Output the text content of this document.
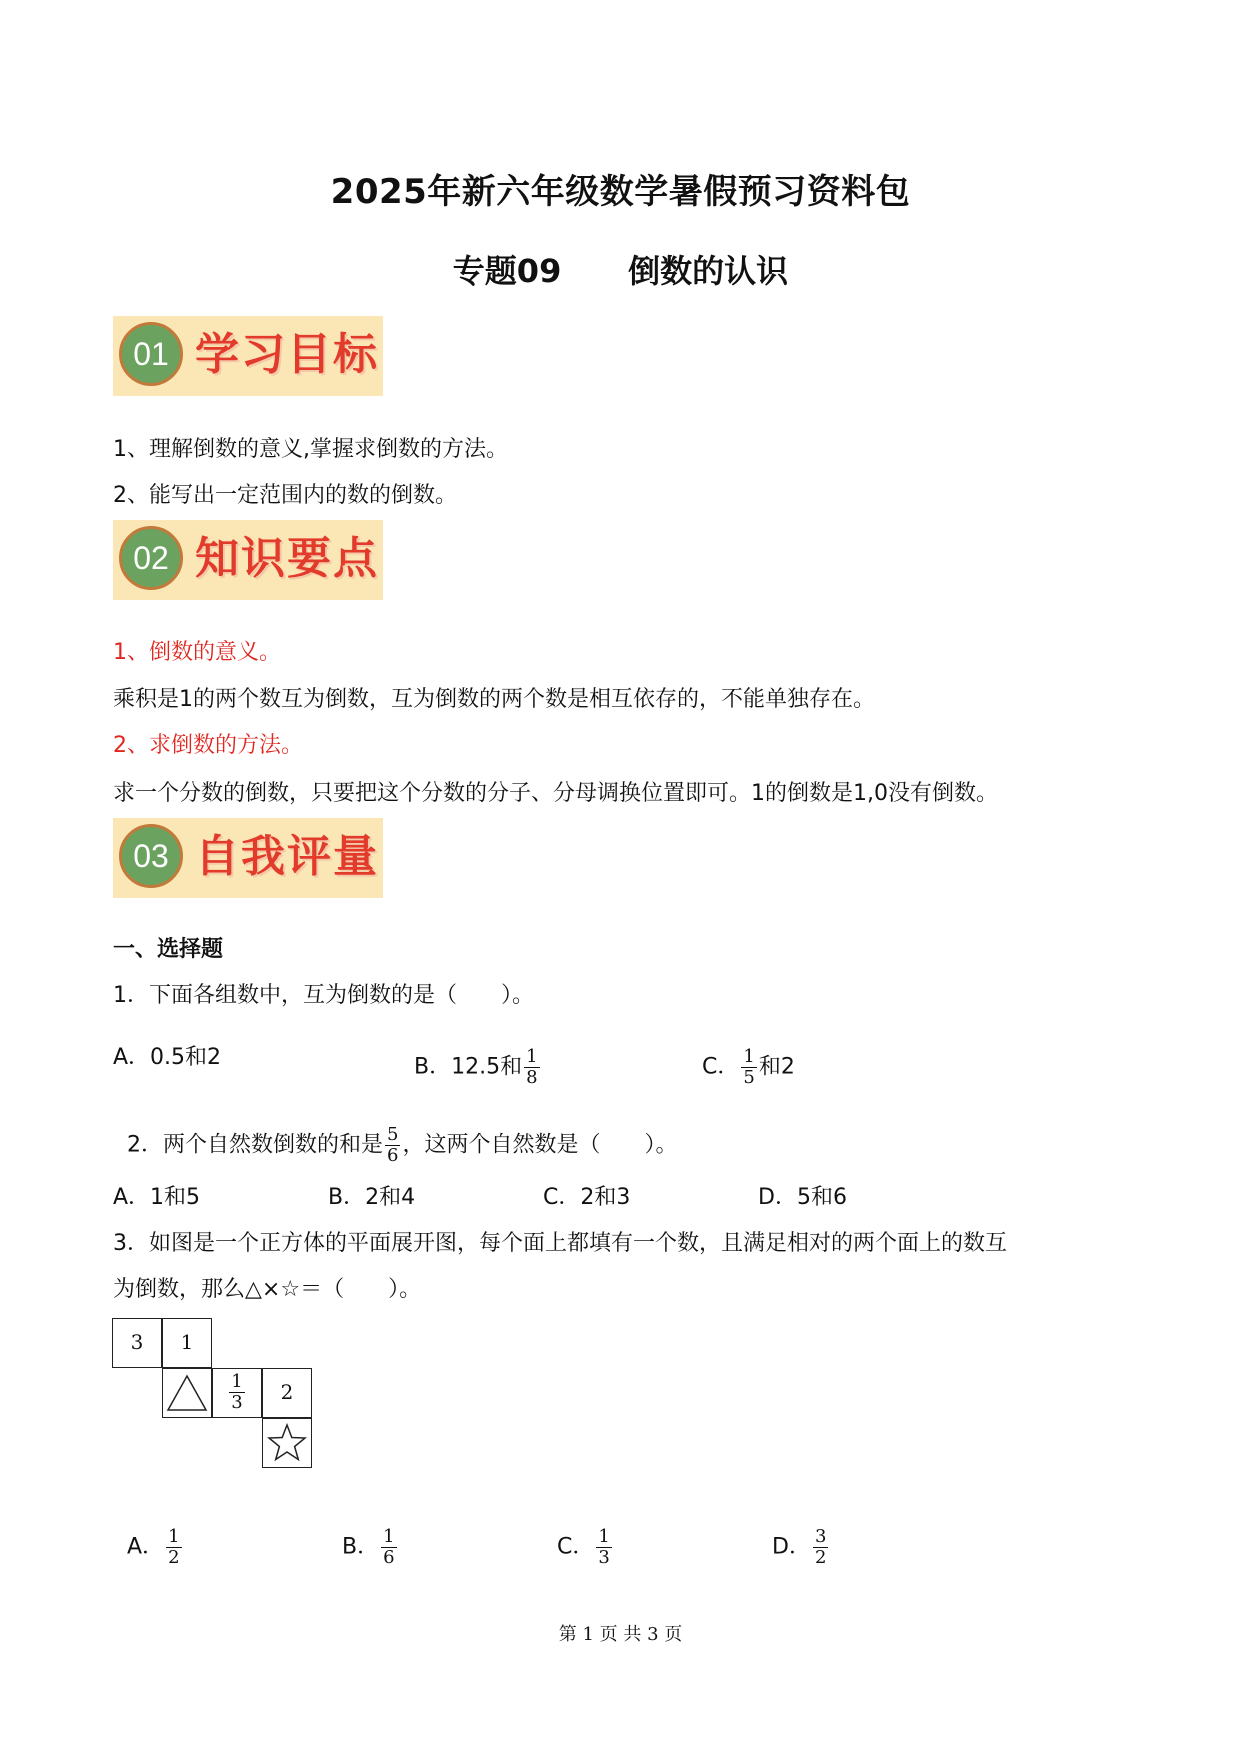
2025年新六年级数学暑假预习资料包
专题09      倒数的认识
01 学习目标
1、理解倒数的意义,掌握求倒数的方法。
2、能写出一定范围内的数的倒数。
02 知识要点
1、倒数的意义。
乘积是1的两个数互为倒数，互为倒数的两个数是相互依存的，不能单独存在。
2、求倒数的方法。
求一个分数的倒数，只要把这个分数的分子、分母调换位置即可。1的倒数是1,0没有倒数。
03 自我评量
一、选择题
1．下面各组数中，互为倒数的是（　　）。
A．0.5和2	B．12.5和 $\frac{1}{8}$	C． $\frac{1}{5}$ 和2

2．两个自然数倒数的和是 $\frac{5}{6}$ ，这两个自然数是（　　）。

A．1和5	B．2和4	C．2和3	D．5和6
3．如图是一个正方体的平面展开图，每个面上都填有一个数，且满足相对的两个面上的数互
为倒数，那么△×☆＝（　　）。
3	1
$\frac{1}{3}$	2

A． $\frac{1}{2}$	B． $\frac{1}{6}$	C． $\frac{1}{3}$	D． $\frac{3}{2}$

第 1 页 共 3 页
